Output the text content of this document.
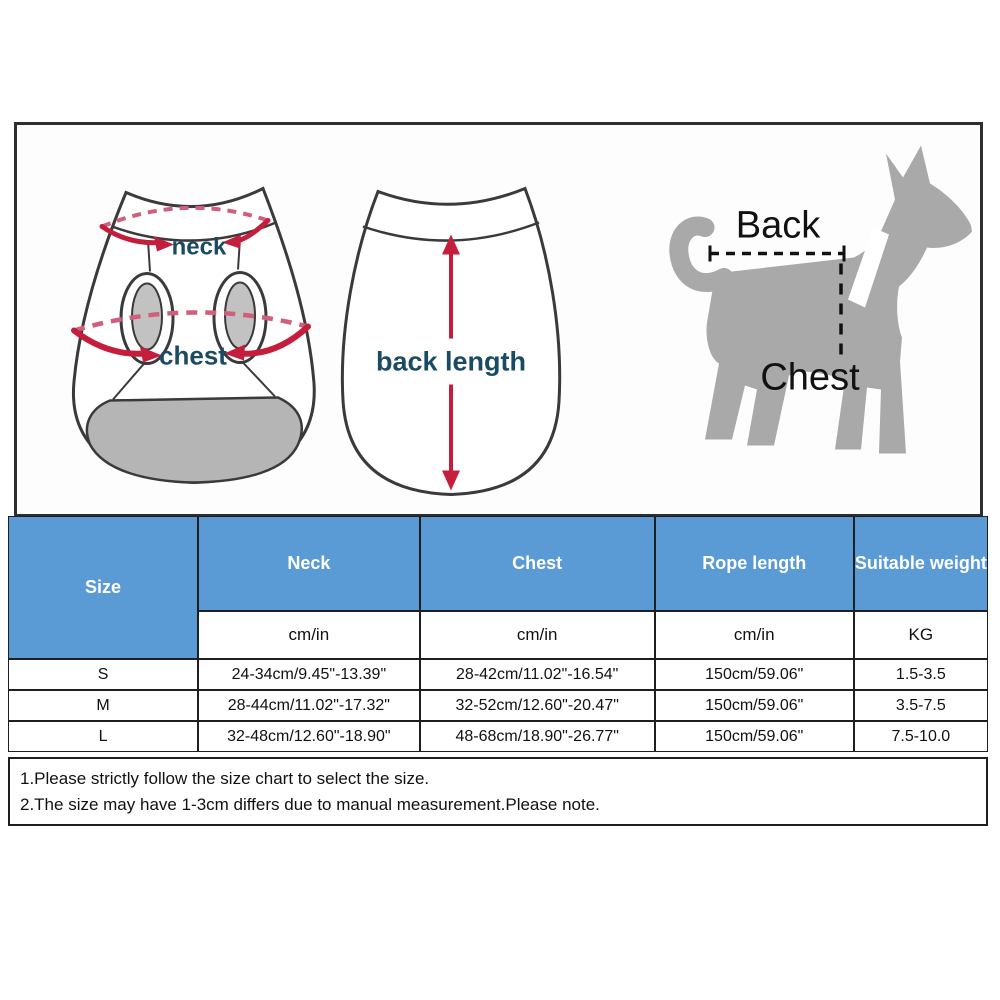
neck
chest	back length
Back
Chest
Size
Neck	Chest	Rope length	Suitable weight
cm/in	cm/in	cm/in	KG
S	24-34cm/9.45"-13.39"	28-42cm/11.02"-16.54"	150cm/59.06"	1.5-3.5
M	28-44cm/11.02"-17.32"	32-52cm/12.60"-20.47"	150cm/59.06"	3.5-7.5
L	32-48cm/12.60"-18.90"	48-68cm/18.90"-26.77"	150cm/59.06"	7.5-10.0
1.Please strictly follow the size chart to select the size.
2.The size may have 1-3cm differs due to manual measurement.Please note.
